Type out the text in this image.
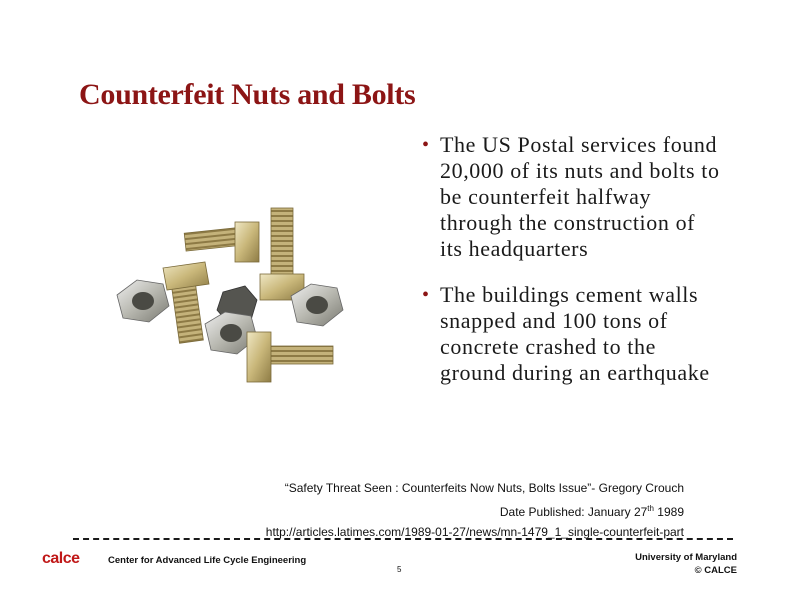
Counterfeit Nuts and Bolts
• The US Postal services found 20,000 of its nuts and bolts to be counterfeit halfway through the construction of its headquarters
• The buildings cement walls snapped and 100 tons of concrete crashed to the ground during an earthquake
“Safety Threat Seen : Counterfeits Now Nuts, Bolts Issue”- Gregory Crouch
Date Published: January 27th 1989
http://articles.latimes.com/1989-01-27/news/mn-1479_1_single-counterfeit-part
calce	Center for Advanced Life Cycle Engineering
5
University of Maryland
© CALCE
